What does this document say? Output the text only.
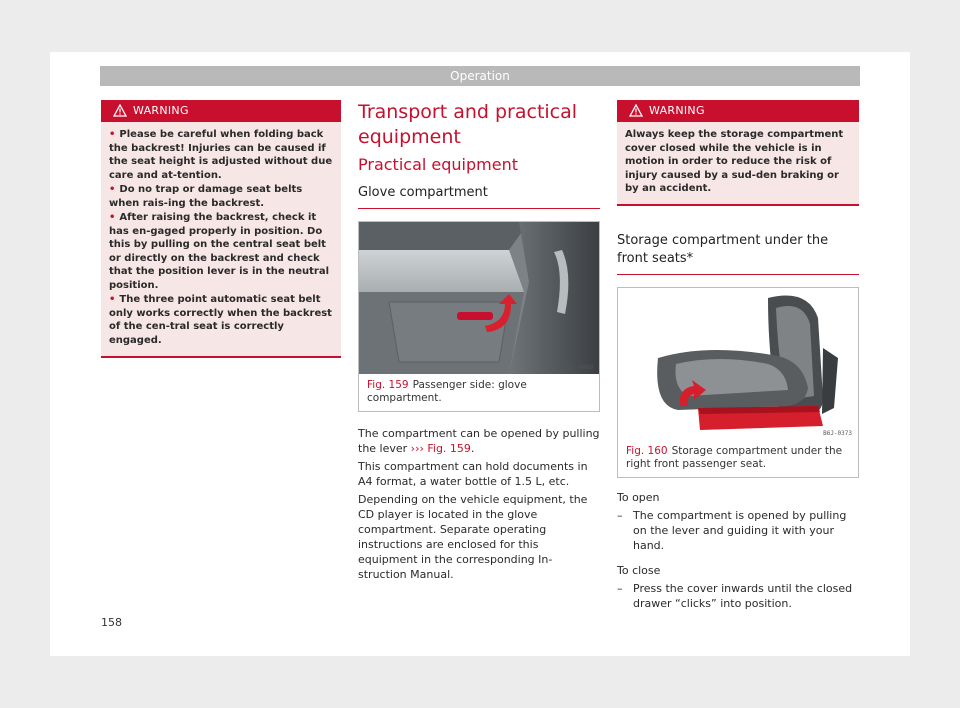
Operation
WARNING
• Please be careful when folding back the backrest! Injuries can be caused if the seat height is adjusted without due care and at-tention.
• Do no trap or damage seat belts when rais-ing the backrest.
• After raising the backrest, check it has en-gaged properly in position. Do this by pulling on the central seat belt or directly on the backrest and check that the position lever is in the neutral position.
• The three point automatic seat belt only works correctly when the backrest of the cen-tral seat is correctly engaged.
Transport and practical equipment
Practical equipment
Glove compartment
B6J-0069
Fig. 159 Passenger side: glove compartment.
The compartment can be opened by pulling the lever ››› Fig. 159.
This compartment can hold documents in A4 format, a water bottle of 1.5 L, etc.
Depending on the vehicle equipment, the CD player is located in the glove compartment. Separate operating instructions are enclosed for this equipment in the corresponding In-struction Manual.
WARNING
Always keep the storage compartment cover closed while the vehicle is in motion in order to reduce the risk of injury caused by a sud-den braking or by an accident.
Storage compartment under the front seats*
B6J-0373
Fig. 160 Storage compartment under the right front passenger seat.
To open
– The compartment is opened by pulling on the lever and guiding it with your hand.
To close
– Press the cover inwards until the closed drawer “clicks” into position.
158
